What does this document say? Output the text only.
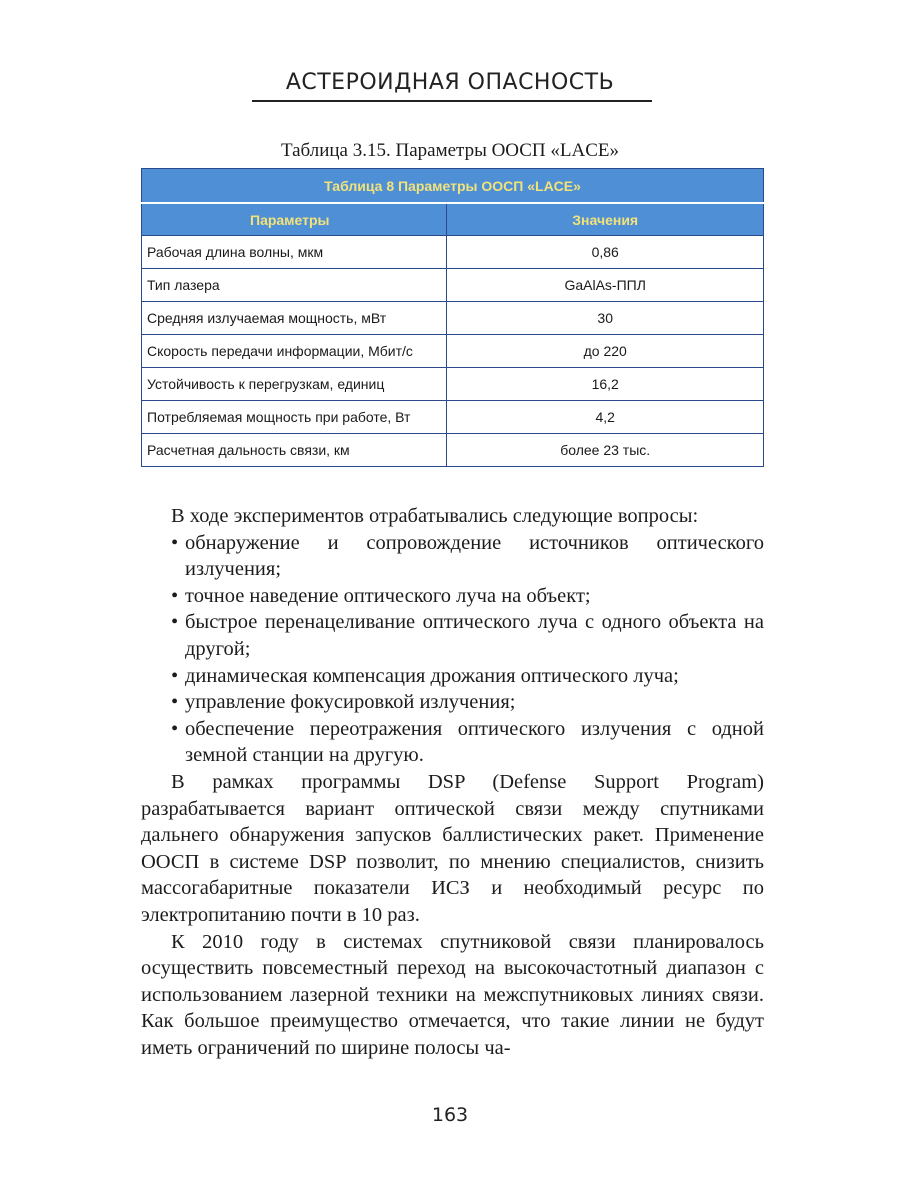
АСТЕРОИДНАЯ ОПАСНОСТЬ
Таблица 3.15. Параметры ООСП «LACE»
Таблица 8 Параметры ООСП «LACE»	
Параметры	Значения
Рабочая длина волны, мкм	0,86
Тип лазера	GaAlAs-ППЛ
Средняя излучаемая мощность, мВт	30
Скорость передачи информации, Мбит/с	до 220
Устойчивость к перегрузкам, единиц	16,2
Потребляемая мощность при работе, Вт	4,2
Расчетная дальность связи, км	более 23 тыс.

В ходе экспериментов отрабатывались следующие вопросы:

• обнаружение и сопровождение источников оптического излучения;
• точное наведение оптического луча на объект;
• быстрое перенацеливание оптического луча с одного объекта на другой;
• динамическая компенсация дрожания оптического луча;
• управление фокусировкой излучения;
• обеспечение переотражения оптического излучения с одной земной станции на другую.

В рамках программы DSP (Defense Support Program) разрабатывается вариант оптической связи между спутниками дальнего обнаружения запусков баллистических ракет. Применение ООСП в системе DSP позволит, по мнению специалистов, снизить массогабаритные показатели ИСЗ и необходимый ресурс по электропитанию почти в 10 раз.

К 2010 году в системах спутниковой связи планировалось осуществить повсеместный переход на высокочастотный диапазон с использованием лазерной техники на межспутниковых линиях связи. Как большое преимущество отмечается, что такие линии не будут иметь ограничений по ширине полосы ча-

163
